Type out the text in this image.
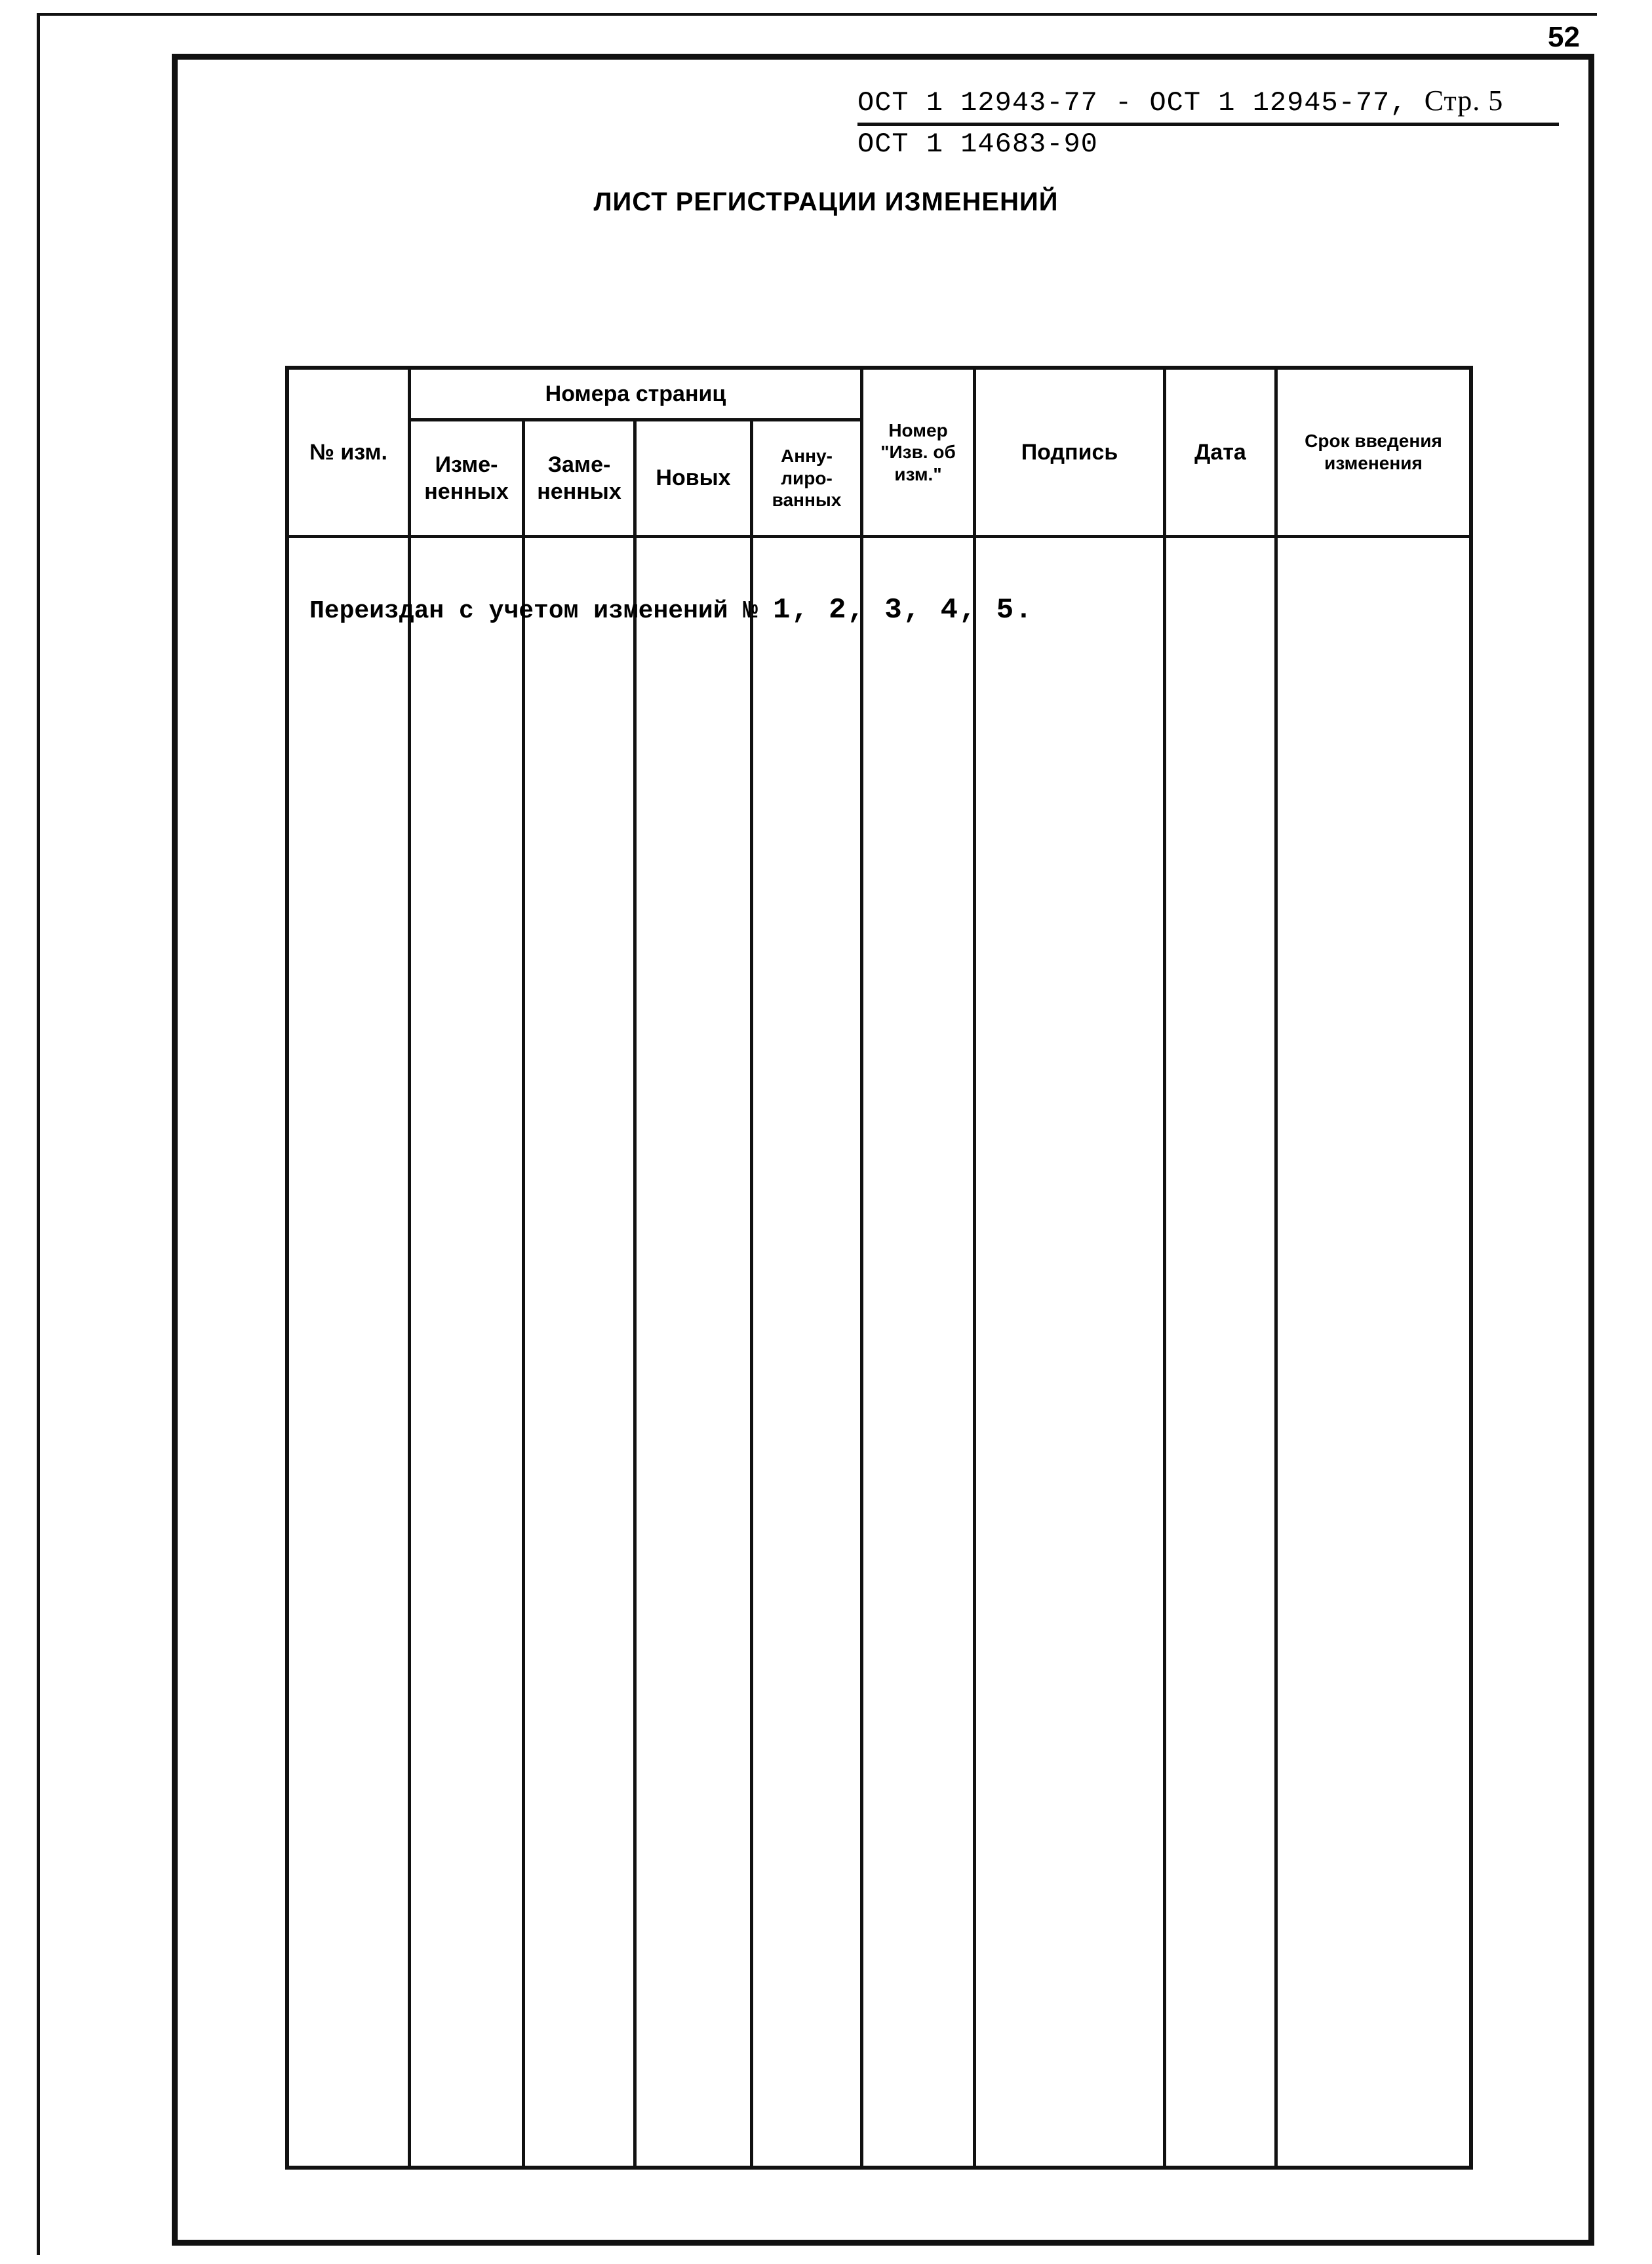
52
ОСТ 1 12943-77 - ОСТ 1 12945-77, Стр. 5
ОСТ 1 14683-90
ЛИСТ РЕГИСТРАЦИИ ИЗМЕНЕНИЙ
№ изм.
Номера страниц
Изме- ненных
Заме- ненных
Новых
Анну- лиро- ванных
Номер "Изв. об изм."
Подпись	Дата	Срок введения изменения
Переиздан с учетом изменений № 1, 2, 3, 4, 5.
